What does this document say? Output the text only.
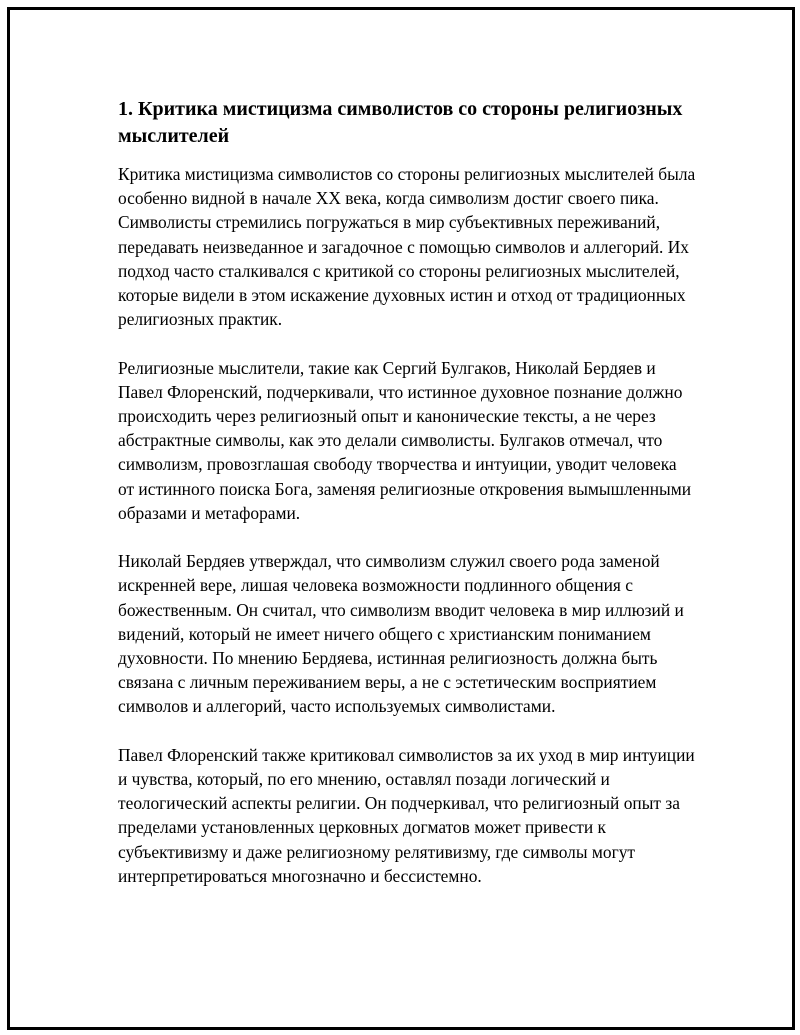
1. Критика мистицизма символистов со стороны религиозных мыслителей

Критика мистицизма символистов со стороны религиозных мыслителей была особенно видной в начале XX века, когда символизм достиг своего пика. Символисты стремились погружаться в мир субъективных переживаний, передавать неизведанное и загадочное с помощью символов и аллегорий. Их подход часто сталкивался с критикой со стороны религиозных мыслителей, которые видели в этом искажение духовных истин и отход от традиционных религиозных практик.

Религиозные мыслители, такие как Сергий Булгаков, Николай Бердяев и Павел Флоренский, подчеркивали, что истинное духовное познание должно происходить через религиозный опыт и канонические тексты, а не через абстрактные символы, как это делали символисты. Булгаков отмечал, что символизм, провозглашая свободу творчества и интуиции, уводит человека от истинного поиска Бога, заменяя религиозные откровения вымышленными образами и метафорами.

Николай Бердяев утверждал, что символизм служил своего рода заменой искренней вере, лишая человека возможности подлинного общения с божественным. Он считал, что символизм вводит человека в мир иллюзий и видений, который не имеет ничего общего с христианским пониманием духовности. По мнению Бердяева, истинная религиозность должна быть связана с личным переживанием веры, а не с эстетическим восприятием символов и аллегорий, часто используемых символистами.

Павел Флоренский также критиковал символистов за их уход в мир интуиции и чувства, который, по его мнению, оставлял позади логический и теологический аспекты религии. Он подчеркивал, что религиозный опыт за пределами установленных церковных догматов может привести к субъективизму и даже религиозному релятивизму, где символы могут интерпретироваться многозначно и бессистемно.
